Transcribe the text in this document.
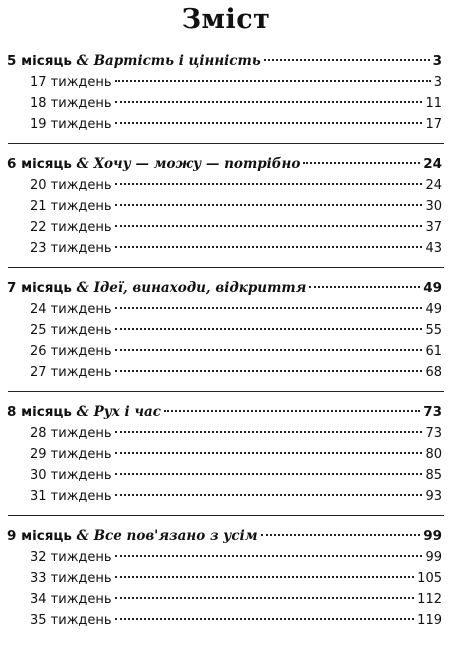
Зміст
5 місяць & Вартість і цінність	3
17 тиждень	3
18 тиждень	11
19 тиждень	17
6 місяць & Хочу — можу — потрібно	24
20 тиждень	24
21 тиждень	30
22 тиждень	37
23 тиждень	43
7 місяць & Ідеї, винаходи, відкриття	49
24 тиждень	49
25 тиждень	55
26 тиждень	61
27 тиждень	68
8 місяць & Рух і час	73
28 тиждень	73
29 тиждень	80
30 тиждень	85
31 тиждень	93
9 місяць & Все пов'язано з усім	99
32 тиждень	99
33 тиждень	105
34 тиждень	112
35 тиждень	119
